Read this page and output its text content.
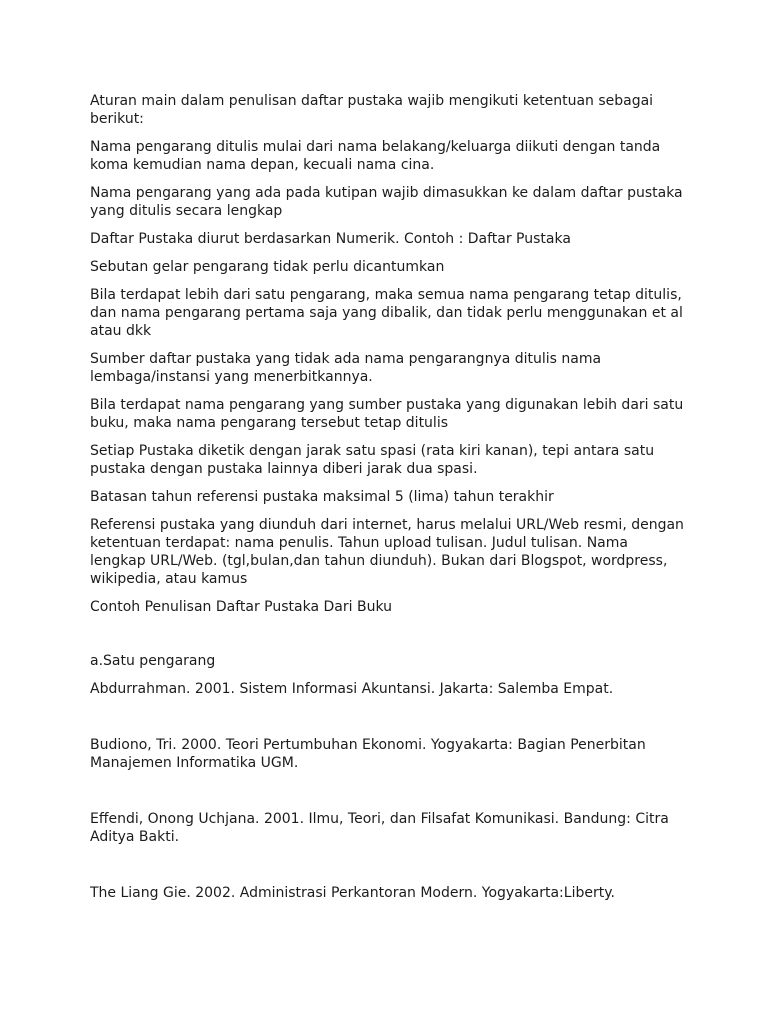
Aturan main dalam penulisan daftar pustaka wajib mengikuti ketentuan sebagai
berikut:

Nama pengarang ditulis mulai dari nama belakang/keluarga diikuti dengan tanda
koma kemudian nama depan, kecuali nama cina.

Nama pengarang yang ada pada kutipan wajib dimasukkan ke dalam daftar pustaka
yang ditulis secara lengkap

Daftar Pustaka diurut berdasarkan Numerik. Contoh : Daftar Pustaka

Sebutan gelar pengarang tidak perlu dicantumkan

Bila terdapat lebih dari satu pengarang, maka semua nama pengarang tetap ditulis,
dan nama pengarang pertama saja yang dibalik, dan tidak perlu menggunakan et al
atau dkk

Sumber daftar pustaka yang tidak ada nama pengarangnya ditulis nama
lembaga/instansi yang menerbitkannya.

Bila terdapat nama pengarang yang sumber pustaka yang digunakan lebih dari satu
buku, maka nama pengarang tersebut tetap ditulis

Setiap Pustaka diketik dengan jarak satu spasi (rata kiri kanan), tepi antara satu
pustaka dengan pustaka lainnya diberi jarak dua spasi.

Batasan tahun referensi pustaka maksimal 5 (lima) tahun terakhir

Referensi pustaka yang diunduh dari internet, harus melalui URL/Web resmi, dengan
ketentuan terdapat: nama penulis. Tahun upload tulisan. Judul tulisan. Nama
lengkap URL/Web. (tgl,bulan,dan tahun diunduh). Bukan dari Blogspot, wordpress,
wikipedia, atau kamus

Contoh Penulisan Daftar Pustaka Dari Buku

a.Satu pengarang

Abdurrahman. 2001. Sistem Informasi Akuntansi. Jakarta: Salemba Empat.

Budiono, Tri. 2000. Teori Pertumbuhan Ekonomi. Yogyakarta: Bagian Penerbitan
Manajemen Informatika UGM.

Effendi, Onong Uchjana. 2001. Ilmu, Teori, dan Filsafat Komunikasi. Bandung: Citra
Aditya Bakti.

The Liang Gie. 2002. Administrasi Perkantoran Modern. Yogyakarta:Liberty.
